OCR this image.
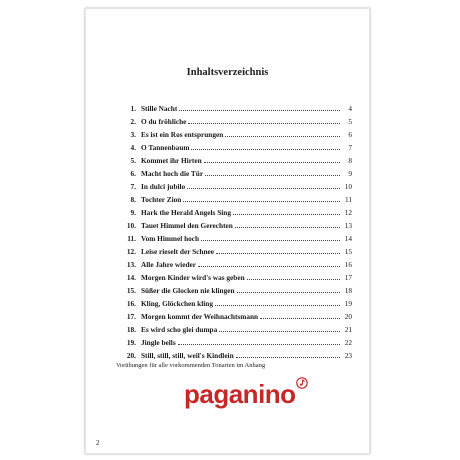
Inhaltsverzeichnis
1. Stille Nacht	4
2. O du fröhliche	5
3. Es ist ein Ros entsprungen	6
4. O Tannenbaum	7
5. Kommet ihr Hirten	8
6. Macht hoch die Tür	9
7. In dulci jubilo	10
8. Tochter Zion	11
9. Hark the Herald Angels Sing	12
10. Tauet Himmel den Gerechten	13
11. Vom Himmel hoch	14
12. Leise rieselt der Schnee	15
13. Alle Jahre wieder	16
14. Morgen Kinder wird's was geben	17
15. Süßer die Glocken nie klingen	18
16. Kling, Glöckchen kling	19
17. Morgen kommt der Weihnachtsmann	20
18. Es wird scho glei dumpa	21
19. Jingle bells	22
20. Still, still, still, weil's Kindlein	23
Vorübungen für alle vorkommenden Tonarten im Anhang
paganino
2
